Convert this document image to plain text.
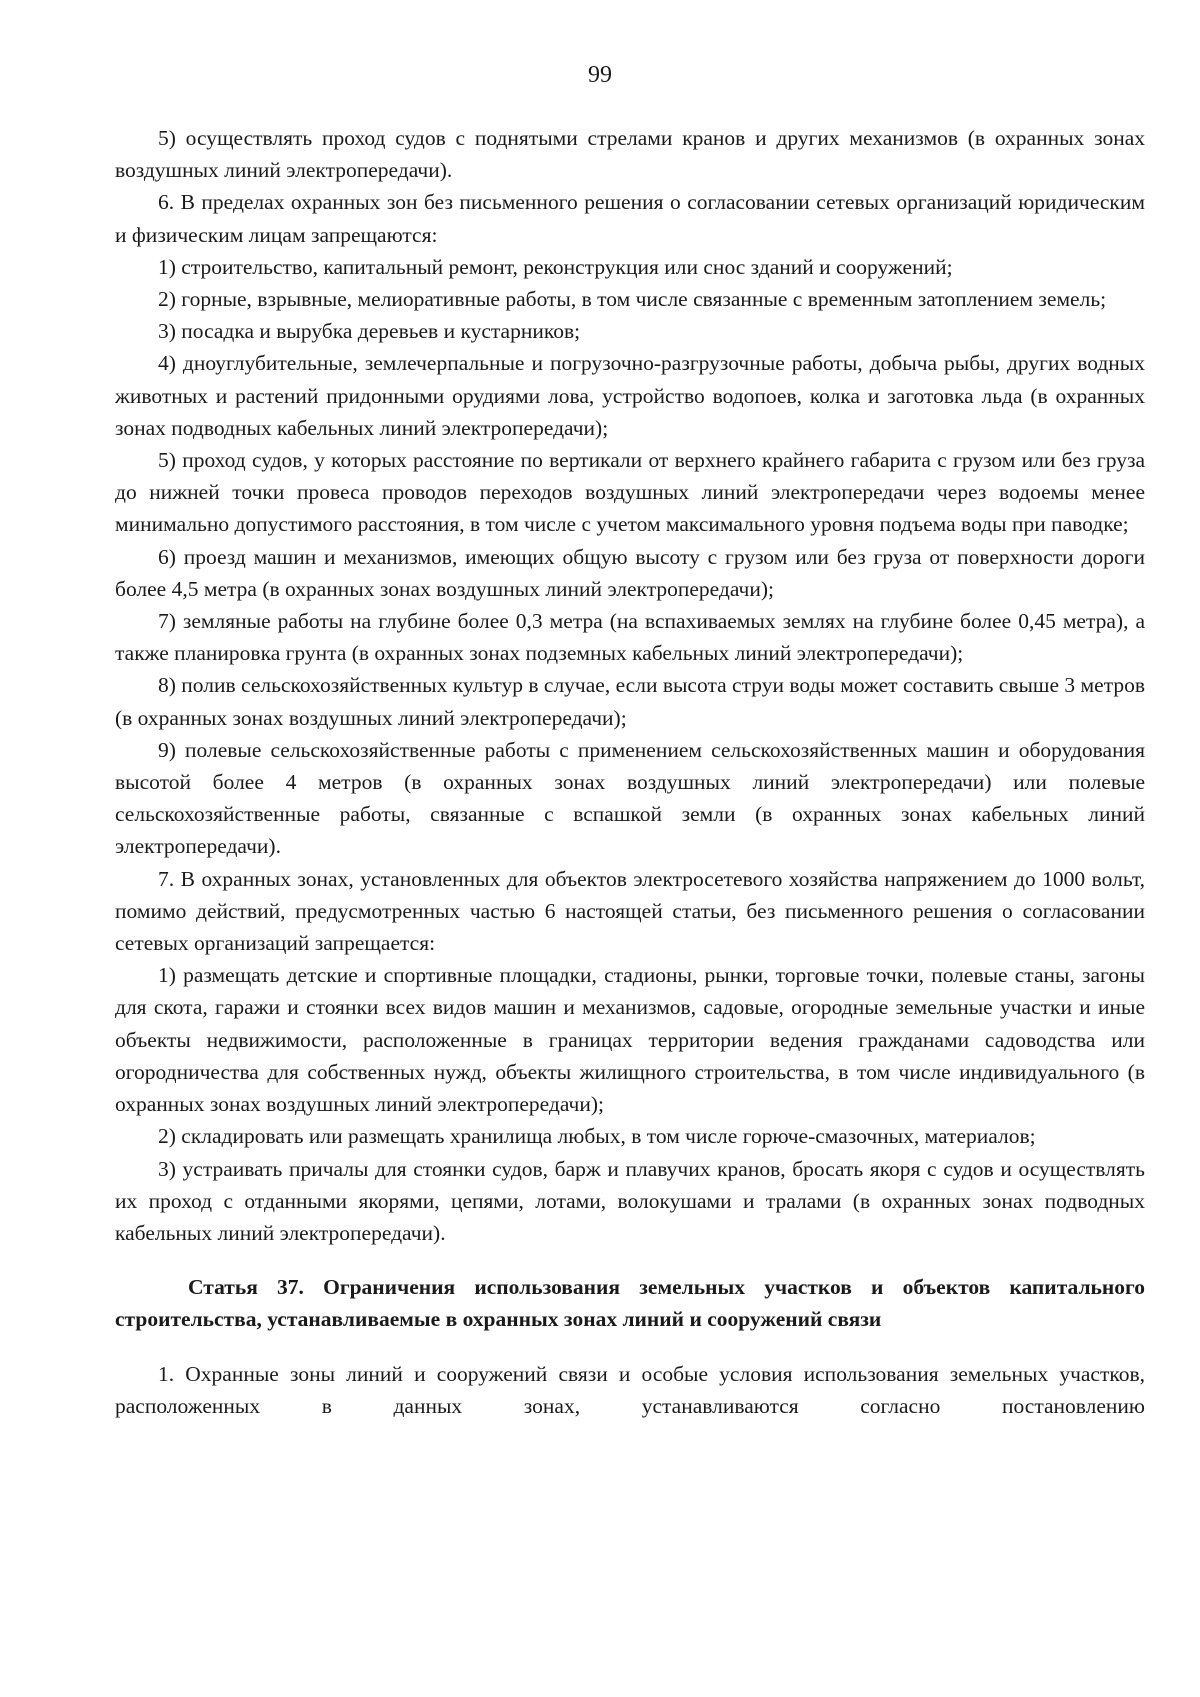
99

5) осуществлять проход судов с поднятыми стрелами кранов и других механизмов (в охранных зонах воздушных линий электропередачи).

6. В пределах охранных зон без письменного решения о согласовании сетевых организаций юридическим и физическим лицам запрещаются:

1) строительство, капитальный ремонт, реконструкция или снос зданий и сооружений;

2) горные, взрывные, мелиоративные работы, в том числе связанные с временным затоплением земель;

3) посадка и вырубка деревьев и кустарников;

4) дноуглубительные, землечерпальные и погрузочно-разгрузочные работы, добыча рыбы, других водных животных и растений придонными орудиями лова, устройство водопоев, колка и заготовка льда (в охранных зонах подводных кабельных линий электропередачи);

5) проход судов, у которых расстояние по вертикали от верхнего крайнего габарита с грузом или без груза до нижней точки провеса проводов переходов воздушных линий электропередачи через водоемы менее минимально допустимого расстояния, в том числе с учетом максимального уровня подъема воды при паводке;

6) проезд машин и механизмов, имеющих общую высоту с грузом или без груза от поверхности дороги более 4,5 метра (в охранных зонах воздушных линий электропередачи);

7) земляные работы на глубине более 0,3 метра (на вспахиваемых землях на глубине более 0,45 метра), а также планировка грунта (в охранных зонах подземных кабельных линий электропередачи);

8) полив сельскохозяйственных культур в случае, если высота струи воды может составить свыше 3 метров (в охранных зонах воздушных линий электропередачи);

9) полевые сельскохозяйственные работы с применением сельскохозяйственных машин и оборудования высотой более 4 метров (в охранных зонах воздушных линий электропередачи) или полевые сельскохозяйственные работы, связанные с вспашкой земли (в охранных зонах кабельных линий электропередачи).

7. В охранных зонах, установленных для объектов электросетевого хозяйства напряжением до 1000 вольт, помимо действий, предусмотренных частью 6 настоящей статьи, без письменного решения о согласовании сетевых организаций запрещается:

1) размещать детские и спортивные площадки, стадионы, рынки, торговые точки, полевые станы, загоны для скота, гаражи и стоянки всех видов машин и механизмов, садовые, огородные земельные участки и иные объекты недвижимости, расположенные в границах территории ведения гражданами садоводства или огородничества для собственных нужд, объекты жилищного строительства, в том числе индивидуального (в охранных зонах воздушных линий электропередачи);

2) складировать или размещать хранилища любых, в том числе горюче-смазочных, материалов;

3) устраивать причалы для стоянки судов, барж и плавучих кранов, бросать якоря с судов и осуществлять их проход с отданными якорями, цепями, лотами, волокушами и тралами (в охранных зонах подводных кабельных линий электропередачи).

Статья 37. Ограничения использования земельных участков и объектов капитального строительства, устанавливаемые в охранных зонах линий и сооружений связи

1. Охранные зоны линий и сооружений связи и особые условия использования земельных участков, расположенных в данных зонах, устанавливаются согласно постановлению
